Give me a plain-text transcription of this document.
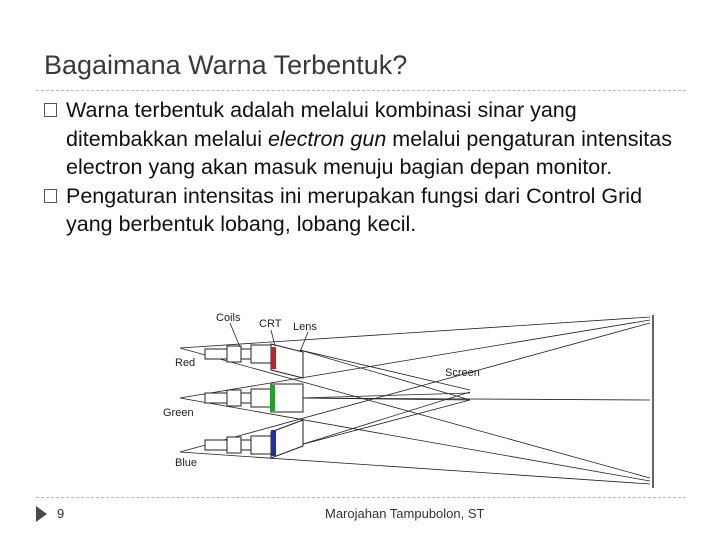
Bagaimana Warna Terbentuk?
Warna terbentuk adalah melalui kombinasi sinar yang ditembakkan melalui electron gun melalui pengaturan intensitas electron yang akan masuk menuju bagian depan monitor.
Pengaturan intensitas ini merupakan fungsi dari Control Grid yang berbentuk lobang, lobang kecil.
Coils CRT Lens
Red
Green
Blue
Screen
9	Marojahan Tampubolon, ST
